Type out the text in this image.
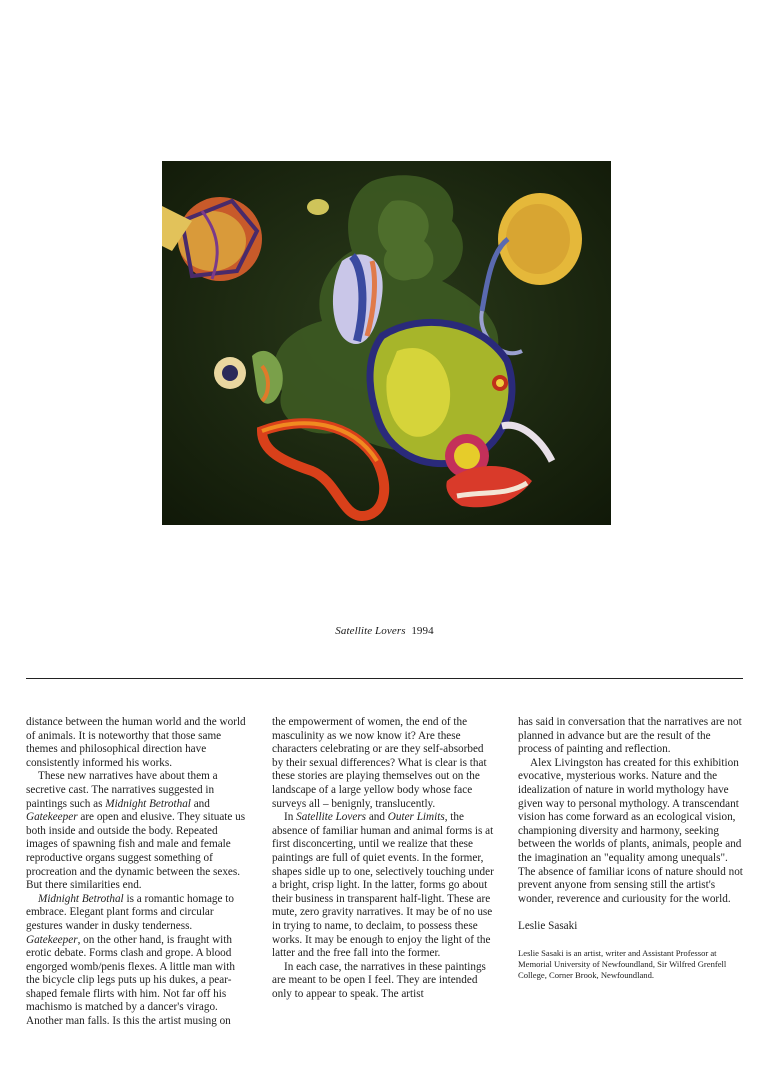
Satellite Lovers 1994

distance between the human world and the world of animals. It is noteworthy that those same themes and philosophical direction have consistently informed his works.

These new narratives have about them a secretive cast. The narratives suggested in paintings such as Midnight Betrothal and Gatekeeper are open and elusive. They situate us both inside and outside the body. Repeated images of spawning fish and male and female reproductive organs suggest something of procreation and the dynamic between the sexes. But there similarities end.

Midnight Betrothal is a romantic homage to embrace. Elegant plant forms and circular gestures wander in dusky tenderness. Gatekeeper, on the other hand, is fraught with erotic debate. Forms clash and grope. A blood engorged womb/penis flexes. A little man with the bicycle clip legs puts up his dukes, a pear-shaped female flirts with him. Not far off his machismo is matched by a dancer's virago. Another man falls. Is this the artist musing on

the empowerment of women, the end of the masculinity as we now know it? Are these characters celebrating or are they self-absorbed by their sexual differences? What is clear is that these stories are playing themselves out on the landscape of a large yellow body whose face surveys all – benignly, translucently.

In Satellite Lovers and Outer Limits, the absence of familiar human and animal forms is at first disconcerting, until we realize that these paintings are full of quiet events. In the former, shapes sidle up to one, selectively touching under a bright, crisp light. In the latter, forms go about their business in transparent half-light. These are mute, zero gravity narratives. It may be of no use in trying to name, to declaim, to possess these works. It may be enough to enjoy the light of the latter and the free fall into the former.

In each case, the narratives in these paintings are meant to be open I feel. They are intended only to appear to speak. The artist

has said in conversation that the narratives are not planned in advance but are the result of the process of painting and reflection.

Alex Livingston has created for this exhibition evocative, mysterious works. Nature and the idealization of nature in world mythology have given way to personal mythology. A transcendant vision has come forward as an ecological vision, championing diversity and harmony, seeking between the worlds of plants, animals, people and the imagination an "equality among unequals". The absence of familiar icons of nature should not prevent anyone from sensing still the artist's wonder, reverence and curiousity for the world.

Leslie Sasaki

Leslie Sasaki is an artist, writer and Assistant Professor at Memorial University of Newfoundland, Sir Wilfred Grenfell College, Corner Brook, Newfoundland.
